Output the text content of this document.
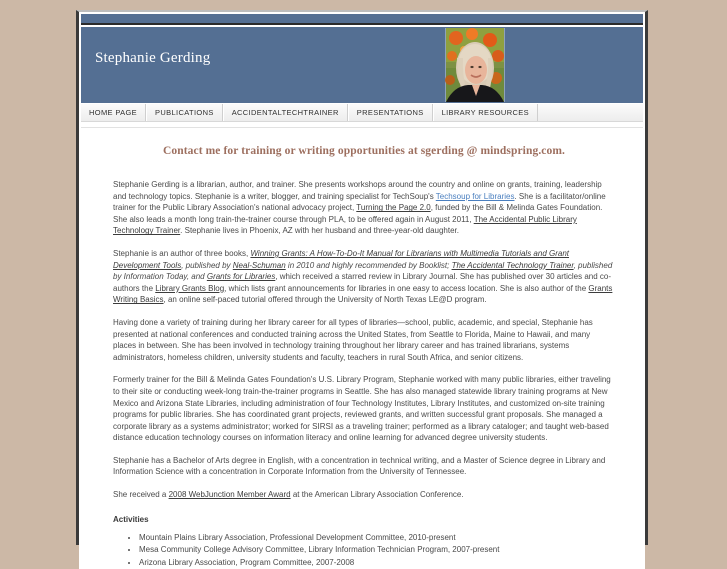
Stephanie Gerding
HOME PAGE	PUBLICATIONS	ACCIDENTALTECHTRAINER	PRESENTATIONS	LIBRARY RESOURCES
Contact me for training or writing opportunities at sgerding @ mindspring.com.

Stephanie Gerding is a librarian, author, and trainer. She presents workshops around the country and online on grants, training, leadership and technology topics. Stephanie is a writer, blogger, and training specialist for TechSoup's Techsoup for Libraries. She is a facilitator/online trainer for the Public Library Association's national advocacy project, Turning the Page 2.0, funded by the Bill & Melinda Gates Foundation. She also leads a month long train-the-trainer course through PLA, to be offered again in August 2011, The Accidental Public Library Technology Trainer. Stephanie lives in Phoenix, AZ with her husband and three-year-old daughter.

Stephanie is an author of three books, Winning Grants: A How-To-Do-It Manual for Librarians with Multimedia Tutorials and Grant Development Tools, published by Neal-Schuman in 2010 and highly recommended by Booklist; The Accidental Technology Trainer, published by Information Today, and Grants for Libraries, which received a starred review in Library Journal. She has published over 30 articles and co-authors the Library Grants Blog, which lists grant announcements for libraries in one easy to access location. She is also author of the Grants Writing Basics, an online self-paced tutorial offered through the University of North Texas LE@D program.

Having done a variety of training during her library career for all types of libraries—school, public, academic, and special, Stephanie has presented at national conferences and conducted training across the United States, from Seattle to Florida, Maine to Hawaii, and many places in between. She has been involved in technology training throughout her library career and has trained librarians, systems administrators, homeless children, university students and faculty, teachers in rural South Africa, and senior citizens.

Formerly trainer for the Bill & Melinda Gates Foundation's U.S. Library Program, Stephanie worked with many public libraries, either traveling to their site or conducting week-long train-the-trainer programs in Seattle. She has also managed statewide library training programs at New Mexico and Arizona State Libraries, including administration of four Technology Institutes, Library Institutes, and customized on-site training programs for public libraries. She has coordinated grant projects, reviewed grants, and written successful grant proposals. She managed a corporate library as a systems administrator; worked for SIRSI as a traveling trainer; performed as a library cataloger; and taught web-based distance education technology courses on information literacy and online learning for advanced degree university students.

Stephanie has a Bachelor of Arts degree in English, with a concentration in technical writing, and a Master of Science degree in Library and Information Science with a concentration in Corporate Information from the University of Tennessee.

She received a 2008 WebJunction Member Award at the American Library Association Conference.

Activities
• Mountain Plains Library Association, Professional Development Committee, 2010-present
• Mesa Community College Advisory Committee, Library Information Technician Program, 2007-present
• Arizona Library Association, Program Committee, 2007-2008
